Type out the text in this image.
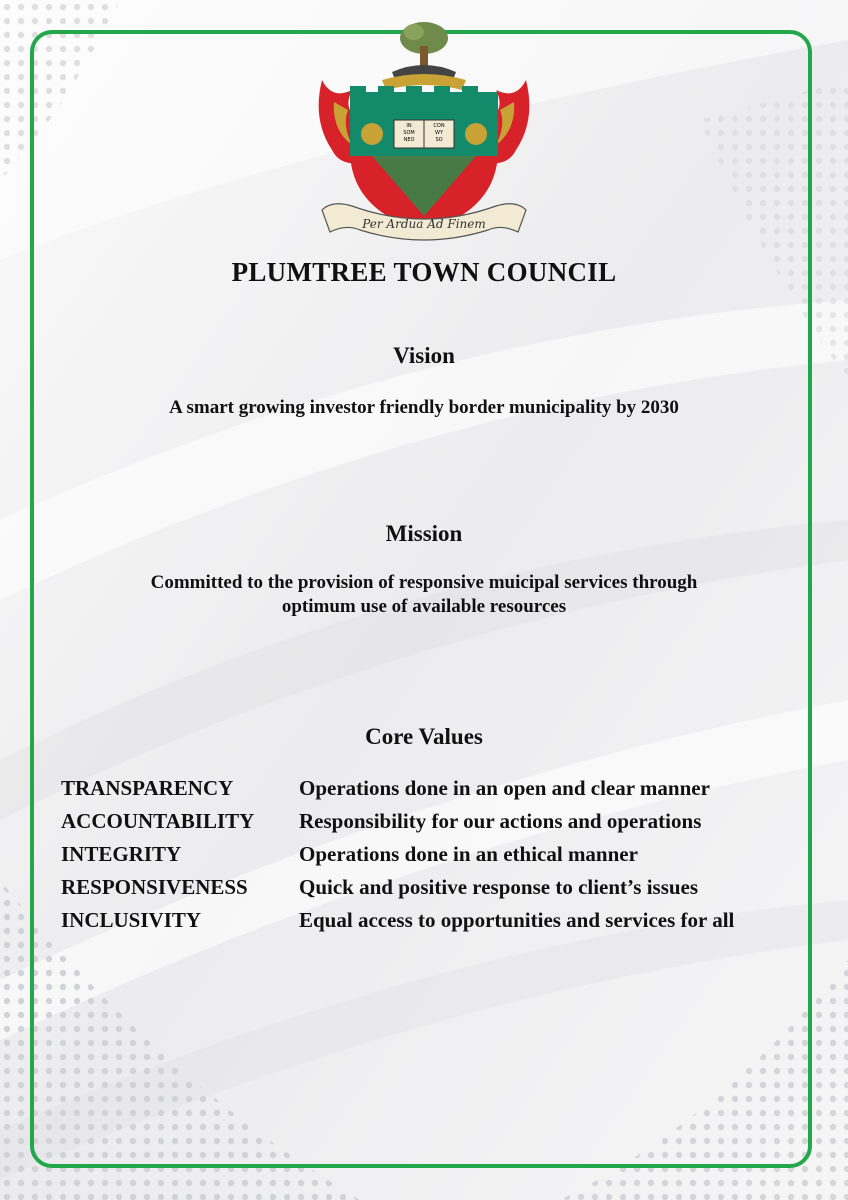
IN
SOM
NEO
CON
WY
SO
Per Ardua Ad Finem
PLUMTREE TOWN COUNCIL
Vision
A smart growing investor friendly border municipality by 2030
Mission
Committed to the provision of responsive muicipal services through
optimum use of available resources
Core Values
TRANSPARENCY	Operations done in an open and clear manner
ACCOUNTABILITY Responsibility for our actions and operations
INTEGRITY	Operations done in an ethical manner
RESPONSIVENESS Quick and positive response to client’s issues
INCLUSIVITY	Equal access to opportunities and services for all
